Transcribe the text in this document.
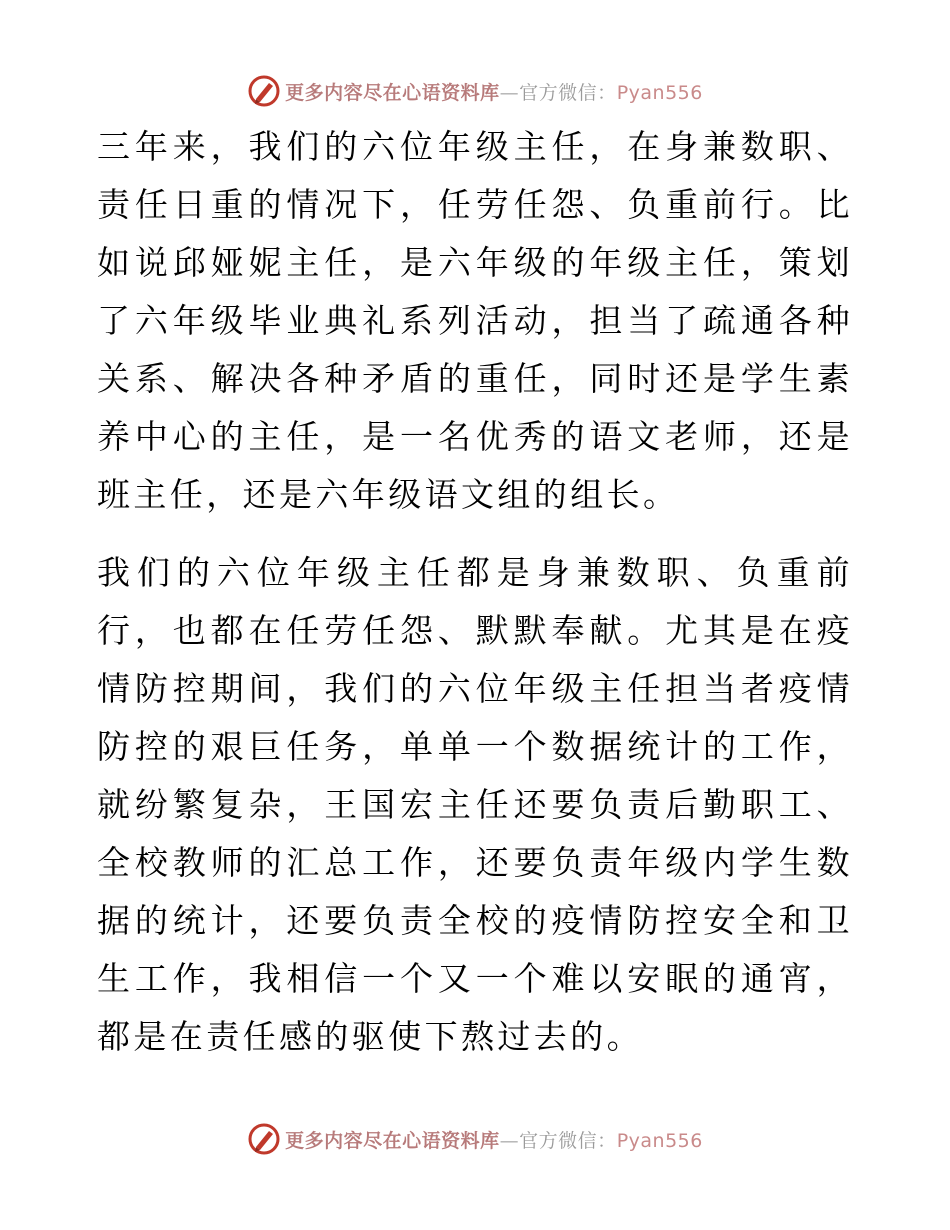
更多内容尽在心语资料库—官方微信：Pyan556

三年来，我们的六位年级主任，在身兼数职、责任日重的情况下，任劳任怨、负重前行。比如说邱娅妮主任，是六年级的年级主任，策划了六年级毕业典礼系列活动，担当了疏通各种关系、解决各种矛盾的重任，同时还是学生素养中心的主任，是一名优秀的语文老师，还是班主任，还是六年级语文组的组长。

我们的六位年级主任都是身兼数职、负重前行，也都在任劳任怨、默默奉献。尤其是在疫情防控期间，我们的六位年级主任担当者疫情防控的艰巨任务，单单一个数据统计的工作，就纷繁复杂，王国宏主任还要负责后勤职工、全校教师的汇总工作，还要负责年级内学生数据的统计，还要负责全校的疫情防控安全和卫生工作，我相信一个又一个难以安眠的通宵，都是在责任感的驱使下熬过去的。

更多内容尽在心语资料库—官方微信：Pyan556
